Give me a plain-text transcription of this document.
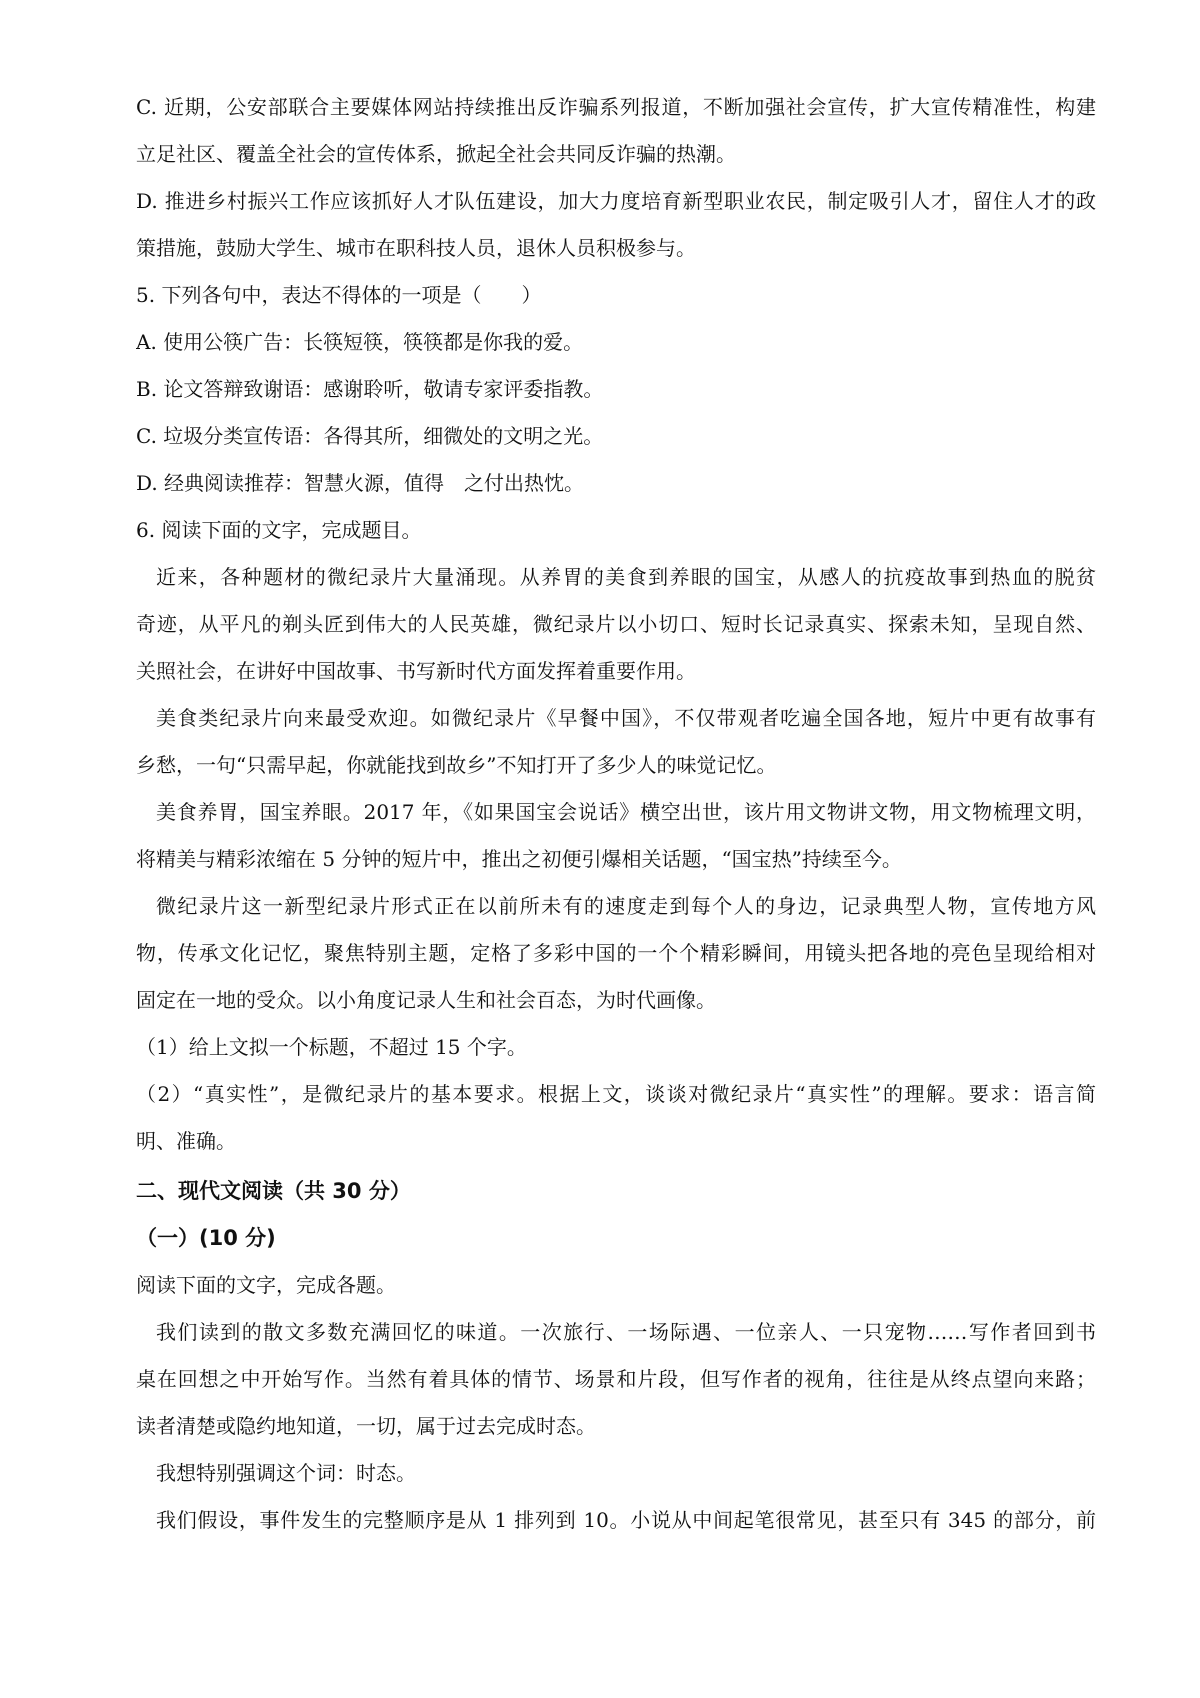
C. 近期，公安部联合主要媒体网站持续推出反诈骗系列报道，不断加强社会宣传，扩大宣传精准性，构建
立足社区、覆盖全社会的宣传体系，掀起全社会共同反诈骗的热潮。
D. 推进乡村振兴工作应该抓好人才队伍建设，加大力度培育新型职业农民，制定吸引人才，留住人才的政
策措施，鼓励大学生、城市在职科技人员，退休人员积极参与。
5. 下列各句中，表达不得体的一项是（　　）
A. 使用公筷广告：长筷短筷，筷筷都是你我的爱。
B. 论文答辩致谢语：感谢聆听，敬请专家评委指教。
C. 垃圾分类宣传语：各得其所，细微处的文明之光。
D. 经典阅读推荐：智慧火源，值得　之付出热忱。
6. 阅读下面的文字，完成题目。
近来，各种题材的微纪录片大量涌现。从养胃的美食到养眼的国宝，从感人的抗疫故事到热血的脱贫
奇迹，从平凡的剃头匠到伟大的人民英雄，微纪录片以小切口、短时长记录真实、探索未知，呈现自然、
关照社会，在讲好中国故事、书写新时代方面发挥着重要作用。
美食类纪录片向来最受欢迎。如微纪录片《早餐中国》，不仅带观者吃遍全国各地，短片中更有故事有
乡愁，一句“只需早起，你就能找到故乡”不知打开了多少人的味觉记忆。
美食养胃，国宝养眼。2017 年，《如果国宝会说话》横空出世，该片用文物讲文物，用文物梳理文明，
将精美与精彩浓缩在 5 分钟的短片中，推出之初便引爆相关话题，“国宝热”持续至今。
微纪录片这一新型纪录片形式正在以前所未有的速度走到每个人的身边，记录典型人物，宣传地方风
物，传承文化记忆，聚焦特别主题，定格了多彩中国的一个个精彩瞬间，用镜头把各地的亮色呈现给相对
固定在一地的受众。以小角度记录人生和社会百态，为时代画像。
（1）给上文拟一个标题，不超过 15 个字。
（2）“真实性”，是微纪录片的基本要求。根据上文，谈谈对微纪录片“真实性”的理解。要求：语言简
明、准确。
二、现代文阅读（共 30 分）
（一）(10 分)
阅读下面的文字，完成各题。
我们读到的散文多数充满回忆的味道。一次旅行、一场际遇、一位亲人、一只宠物……写作者回到书
桌在回想之中开始写作。当然有着具体的情节、场景和片段，但写作者的视角，往往是从终点望向来路；
读者清楚或隐约地知道，一切，属于过去完成时态。
我想特别强调这个词：时态。
我们假设，事件发生的完整顺序是从 1 排列到 10。小说从中间起笔很常见，甚至只有 345 的部分，前
